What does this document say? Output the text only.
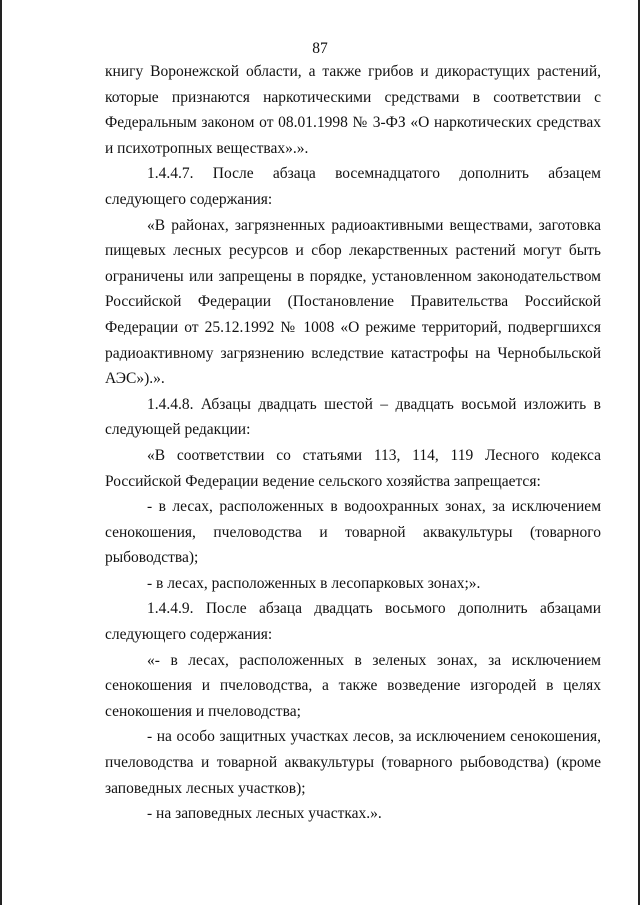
87

книгу Воронежской области, а также грибов и дикорастущих растений, которые признаются наркотическими средствами в соответствии с Федеральным законом от 08.01.1998 № 3-ФЗ «О наркотических средствах и психотропных веществах».».

1.4.4.7. После абзаца восемнадцатого дополнить абзацем следующего содержания:

«В районах, загрязненных радиоактивными веществами, заготовка пищевых лесных ресурсов и сбор лекарственных растений могут быть ограничены или запрещены в порядке, установленном законодательством Российской Федерации (Постановление Правительства Российской Федерации от 25.12.1992 № 1008 «О режиме территорий, подвергшихся радиоактивному загрязнению вследствие катастрофы на Чернобыльской АЭС»).».

1.4.4.8. Абзацы двадцать шестой – двадцать восьмой изложить в следующей редакции:

«В соответствии со статьями 113, 114, 119 Лесного кодекса Российской Федерации ведение сельского хозяйства запрещается:

- в лесах, расположенных в водоохранных зонах, за исключением сенокошения, пчеловодства и товарной аквакультуры (товарного рыбоводства);

- в лесах, расположенных в лесопарковых зонах;».

1.4.4.9. После абзаца двадцать восьмого дополнить абзацами следующего содержания:

«- в лесах, расположенных в зеленых зонах, за исключением сенокошения и пчеловодства, а также возведение изгородей в целях сенокошения и пчеловодства;

- на особо защитных участках лесов, за исключением сенокошения, пчеловодства и товарной аквакультуры (товарного рыбоводства) (кроме заповедных лесных участков);

- на заповедных лесных участках.».
